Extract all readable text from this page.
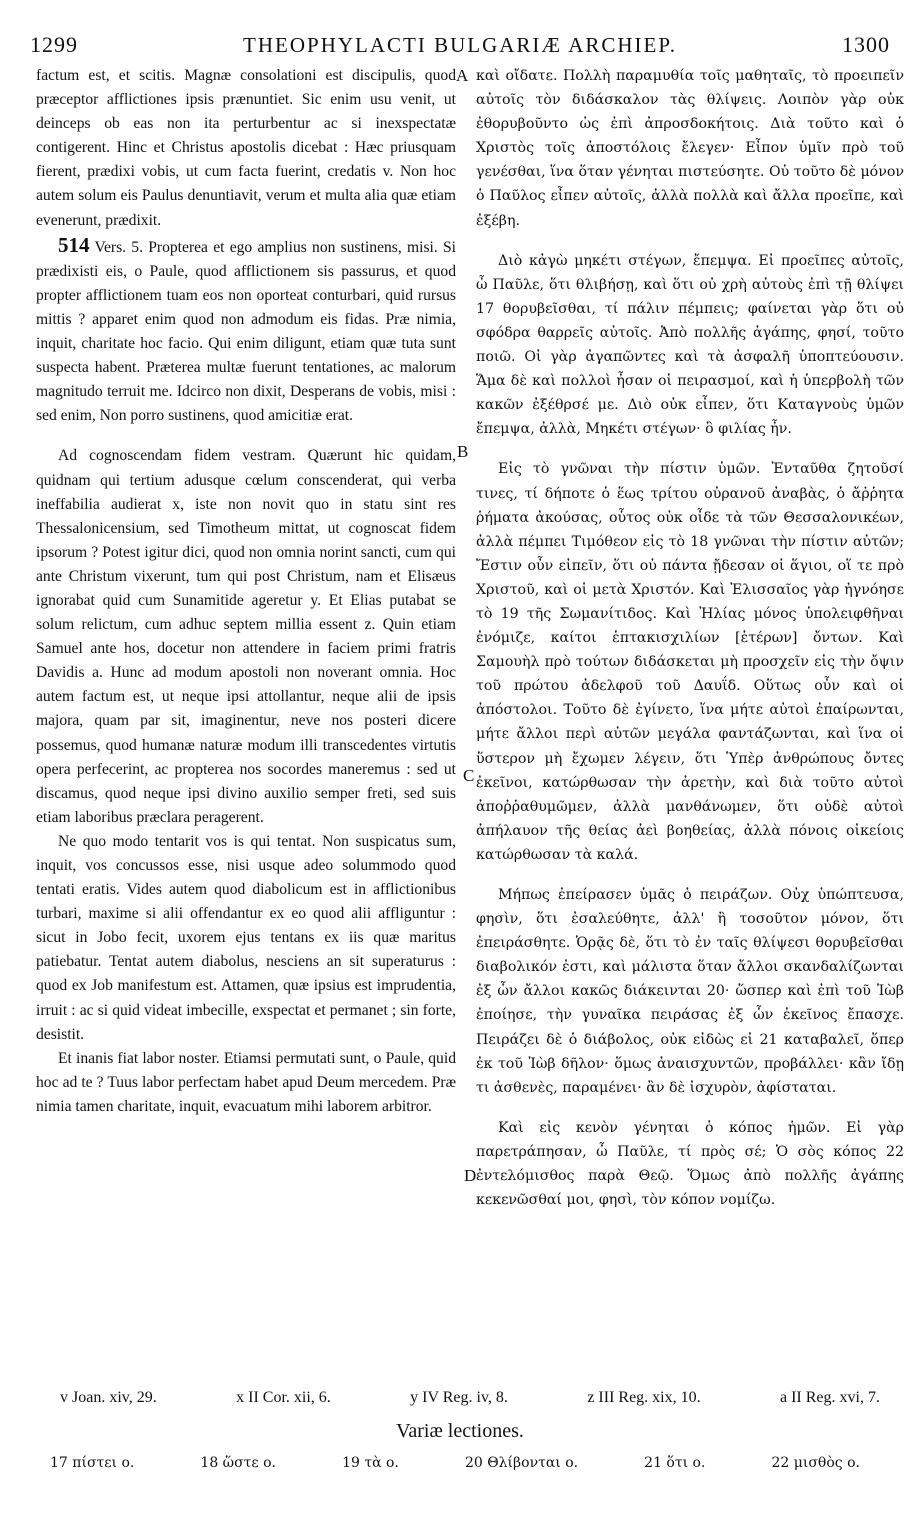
1299	THEOPHYLACTI BULGARIÆ ARCHIEP.	1300

factum est, et scitis. Magnæ consolationi est discipulis, quod præceptor afflictiones ipsis prænuntiet. Sic enim usu venit, ut deinceps ob eas non ita perturbentur ac si inexspectatæ contigerent. Hinc et Christus apostolis dicebat : Hæc priusquam fierent, prædixi vobis, ut cum facta fuerint, credatis v. Non hoc autem solum eis Paulus denuntiavit, verum et multa alia quæ etiam evenerunt, prædixit.

514 Vers. 5. Propterea et ego amplius non sustinens, misi. Si prædixisti eis, o Paule, quod afflictionem sis passurus, et quod propter afflictionem tuam eos non oporteat conturbari, quid rursus mittis ? apparet enim quod non admodum eis fidas. Præ nimia, inquit, charitate hoc facio. Qui enim diligunt, etiam quæ tuta sunt suspecta habent. Præterea multæ fuerunt tentationes, ac malorum magnitudo terruit me. Idcirco non dixit, Desperans de vobis, misi : sed enim, Non porro sustinens, quod amicitiæ erat.

Ad cognoscendam fidem vestram. Quærunt hic quidam, quidnam qui tertium adusque cœlum conscenderat, qui verba ineffabilia audierat x, iste non novit quo in statu sint res Thessalonicensium, sed Timotheum mittat, ut cognoscat fidem ipsorum ? Potest igitur dici, quod non omnia norint sancti, cum qui ante Christum vixerunt, tum qui post Christum, nam et Elisæus ignorabat quid cum Sunamitide ageretur y. Et Elias putabat se solum relictum, cum adhuc septem millia essent z. Quin etiam Samuel ante hos, docetur non attendere in faciem primi fratris Davidis a. Hunc ad modum apostoli non noverant omnia. Hoc autem factum est, ut neque ipsi attollantur, neque alii de ipsis majora, quam par sit, imaginentur, neve nos posteri dicere possemus, quod humanæ naturæ modum illi transcedentes virtutis opera perfecerint, ac propterea nos socordes maneremus : sed ut discamus, quod neque ipsi divino auxilio semper freti, sed suis etiam laboribus præclara peragerent.

Ne quo modo tentarit vos is qui tentat. Non suspicatus sum, inquit, vos concussos esse, nisi usque adeo solummodo quod tentati eratis. Vides autem quod diabolicum est in afflictionibus turbari, maxime si alii offendantur ex eo quod alii affliguntur : sicut in Jobo fecit, uxorem ejus tentans ex iis quæ maritus patiebatur. Tentat autem diabolus, nesciens an sit superaturus : quod ex Job manifestum est. Attamen, quæ ipsius est imprudentia, irruit : ac si quid videat imbecille, exspectat et permanet ; sin forte, desistit.

Et inanis fiat labor noster. Etiamsi permutati sunt, o Paule, quid hoc ad te ? Tuus labor perfectam habet apud Deum mercedem. Præ nimia tamen charitate, inquit, evacuatum mihi laborem arbitror.

καὶ οἴδατε. Πολλὴ παραμυθία τοῖς μαθηταῖς, τὸ προειπεῖν αὐτοῖς τὸν διδάσκαλον τὰς θλίψεις. Λοιπὸν γὰρ οὐκ ἐθορυβοῦντο ὡς ἐπὶ ἀπροσδοκήτοις. Διὰ τοῦτο καὶ ὁ Χριστὸς τοῖς ἀποστόλοις ἔλεγεν· Εἶπον ὑμῖν πρὸ τοῦ γενέσθαι, ἵνα ὅταν γένηται πιστεύσητε. Οὐ τοῦτο δὲ μόνον ὁ Παῦλος εἶπεν αὐτοῖς, ἀλλὰ πολλὰ καὶ ἄλλα προεῖπε, καὶ ἐξέβη.

Διὸ κἀγὼ μηκέτι στέγων, ἔπεμψα. Εἰ προεῖπες αὐτοῖς, ὦ Παῦλε, ὅτι θλιβήσῃ, καὶ ὅτι οὐ χρὴ αὐτοὺς ἐπὶ τῇ θλίψει 17 θορυβεῖσθαι, τί πάλιν πέμπεις; φαίνεται γὰρ ὅτι οὐ σφόδρα θαρρεῖς αὐτοῖς. Ἀπὸ πολλῆς ἀγάπης, φησί, τοῦτο ποιῶ. Οἱ γὰρ ἀγαπῶντες καὶ τὰ ἀσφαλῆ ὑποπτεύουσιν. Ἅμα δὲ καὶ πολλοὶ ἦσαν οἱ πειρασμοί, καὶ ἡ ὑπερβολὴ τῶν κακῶν ἐξέθρσέ με. Διὸ οὐκ εἶπεν, ὅτι Καταγνοὺς ὑμῶν ἔπεμψα, ἀλλὰ, Μηκέτι στέγων· ὃ φιλίας ἦν.

Εἰς τὸ γνῶναι τὴν πίστιν ὑμῶν. Ἐνταῦθα ζητοῦσί τινες, τί δήποτε ὁ ἕως τρίτου οὐρανοῦ ἀναβὰς, ὁ ἄῤῥητα ῥήματα ἀκούσας, οὗτος οὐκ οἶδε τὰ τῶν Θεσσαλονικέων, ἀλλὰ πέμπει Τιμόθεον εἰς τὸ 18 γνῶναι τὴν πίστιν αὐτῶν; Ἔστιν οὖν εἰπεῖν, ὅτι οὐ πάντα ᾔδεσαν οἱ ἅγιοι, οἵ τε πρὸ Χριστοῦ, καὶ οἱ μετὰ Χριστόν. Καὶ Ἐλισσαῖος γὰρ ἠγνόησε τὸ 19 τῆς Σωμανίτιδος. Καὶ Ἠλίας μόνος ὑπολειφθῆναι ἐνόμιζε, καίτοι ἑπτακισχιλίων [ἑτέρων] ὄντων. Καὶ Σαμουὴλ πρὸ τούτων διδάσκεται μὴ προσχεῖν εἰς τὴν ὄψιν τοῦ πρώτου ἀδελφοῦ τοῦ Δαυΐδ. Οὕτως οὖν καὶ οἱ ἀπόστολοι. Τοῦτο δὲ ἐγίνετο, ἵνα μήτε αὐτοὶ ἐπαίρωνται, μήτε ἄλλοι περὶ αὐτῶν μεγάλα φαντάζωνται, καὶ ἵνα οἱ ὕστερον μὴ ἔχωμεν λέγειν, ὅτι Ὑπὲρ ἀνθρώπους ὄντες ἐκεῖνοι, κατώρθωσαν τὴν ἀρετὴν, καὶ διὰ τοῦτο αὐτοὶ ἀποῤῥαθυμῶμεν, ἀλλὰ μανθάνωμεν, ὅτι οὐδὲ αὐτοὶ ἀπήλαυον τῆς θείας ἀεὶ βοηθείας, ἀλλὰ πόνοις οἰκείοις κατώρθωσαν τὰ καλά.

Μήπως ἐπείρασεν ὑμᾶς ὁ πειράζων. Οὐχ ὑπώπτευσα, φησὶν, ὅτι ἐσαλεύθητε, ἀλλ' ἢ τοσοῦτον μόνον, ὅτι ἐπειράσθητε. Ὁρᾷς δὲ, ὅτι τὸ ἐν ταῖς θλίψεσι θορυβεῖσθαι διαβολικόν ἐστι, καὶ μάλιστα ὅταν ἄλλοι σκανδαλίζωνται ἐξ ὧν ἄλλοι κακῶς διάκεινται 20· ὥσπερ καὶ ἐπὶ τοῦ Ἰὼβ ἐποίησε, τὴν γυναῖκα πειράσας ἐξ ὧν ἐκεῖνος ἔπασχε. Πειράζει δὲ ὁ διάβολος, οὐκ εἰδὼς εἰ 21 καταβαλεῖ, ὅπερ ἐκ τοῦ Ἰὼβ δῆλον· ὅμως ἀναισχυντῶν, προβάλλει· κἂν ἴδῃ τι ἀσθενὲς, παραμένει· ἂν δὲ ἰσχυρὸν, ἀφίσταται.

Καὶ εἰς κενὸν γένηται ὁ κόπος ἡμῶν. Εἰ γὰρ παρετράπησαν, ὦ Παῦλε, τί πρὸς σέ; Ὁ σὸς κόπος 22 ἐντελόμισθος παρὰ Θεῷ. Ὅμως ἀπὸ πολλῆς ἀγάπης κεκενῶσθαί μοι, φησὶ, τὸν κόπον νομίζω.

A
B
C
D
v Joan. xiv, 29.	x II Cor. xii, 6.	y IV Reg. iv, 8.	z III Reg. xix, 10.	a II Reg. xvi, 7.
Variæ lectiones.
17 πίστει ο.	18 ὥστε ο.	19 τὰ ο.	20 Θλίβονται ο.	21 ὅτι ο.	22 μισθὸς ο.
